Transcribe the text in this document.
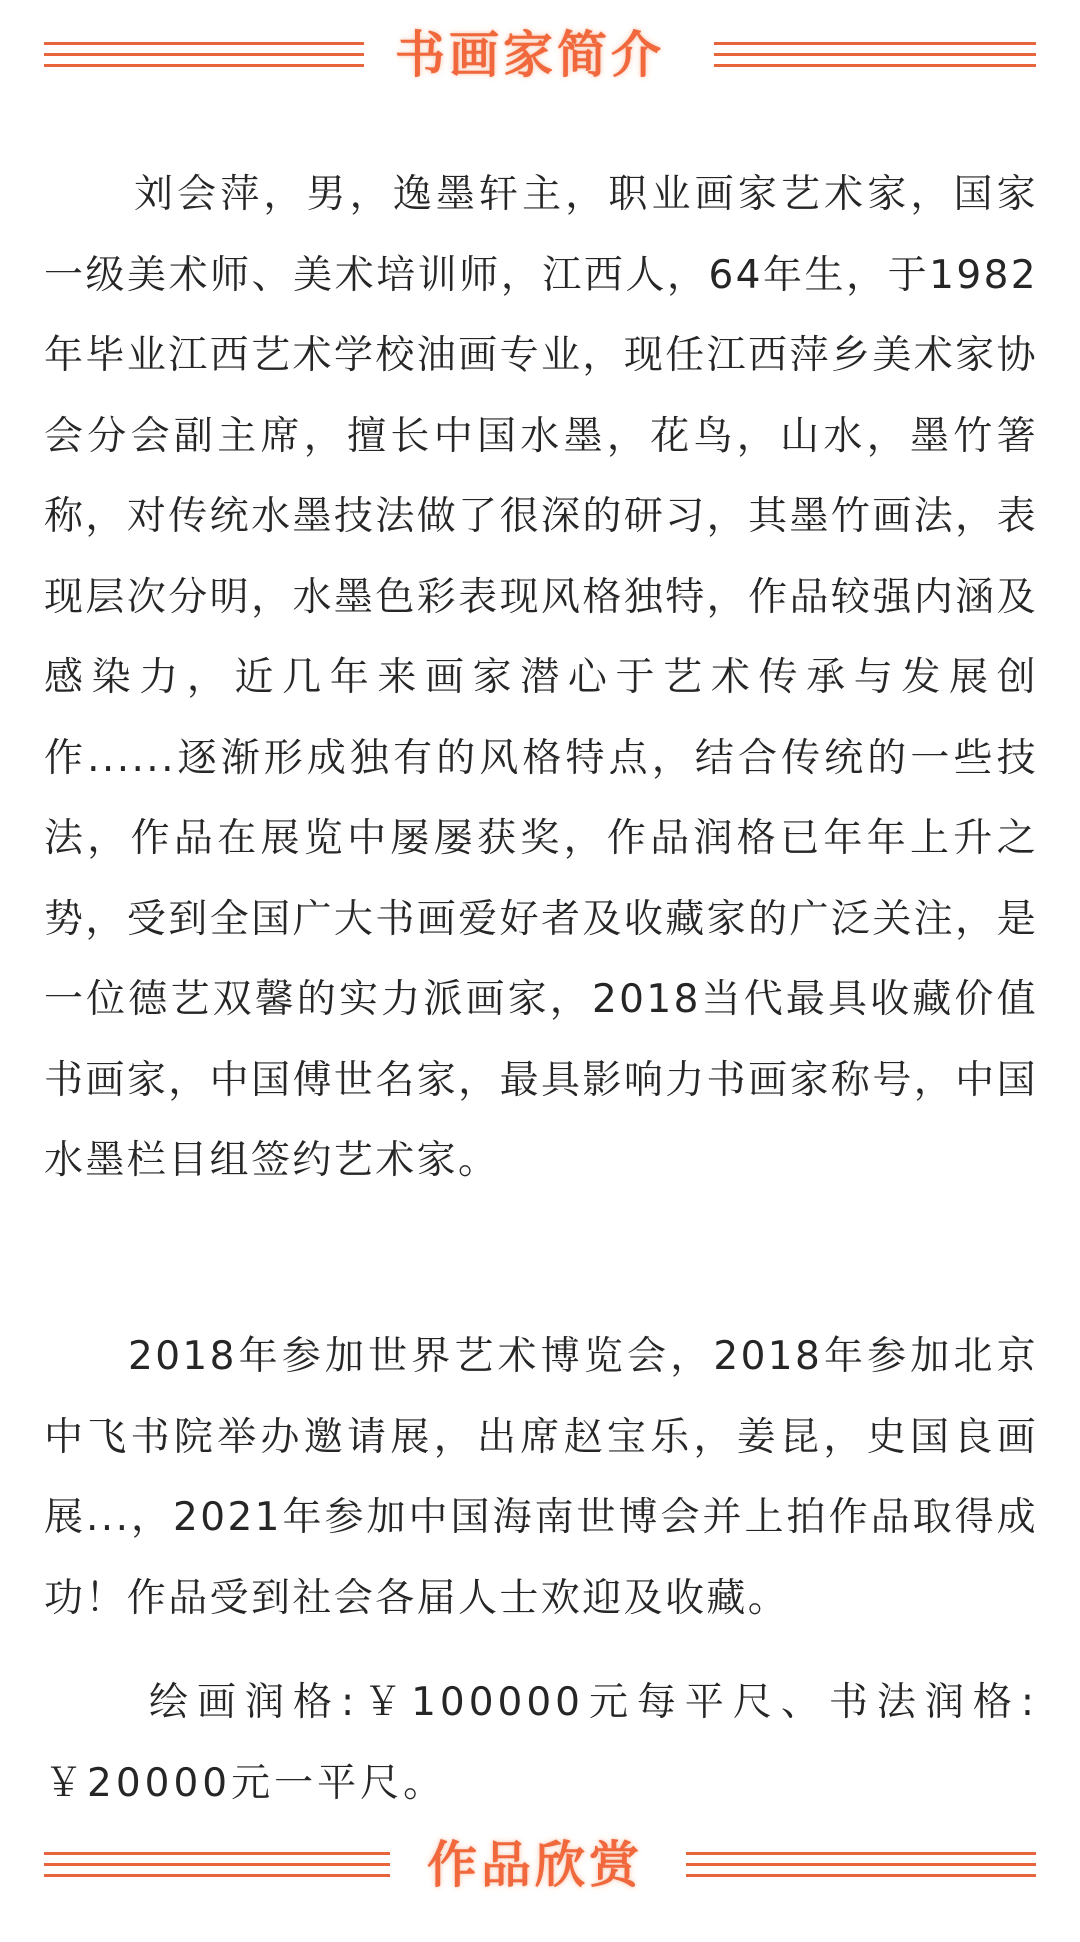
书画家简介
刘会萍，男，逸墨轩主，职业画家艺术家，国家一级美术师、美术培训师，江西人，64年生，于1982年毕业江西艺术学校油画专业，现任江西萍乡美术家协会分会副主席，擅长中国水墨，花鸟，山水，墨竹箸称，对传统水墨技法做了很深的研习，其墨竹画法，表现层次分明，水墨色彩表现风格独特，作品较强内涵及感染力，近几年来画家潜心于艺术传承与发展创作......逐渐形成独有的风格特点，结合传统的一些技法，作品在展览中屡屡获奖，作品润格已年年上升之势，受到全国广大书画爱好者及收藏家的广泛关注，是一位德艺双馨的实力派画家，2018当代最具收藏价值书画家，中国傅世名家，最具影响力书画家称号，中国水墨栏目组签约艺术家。
2018年参加世界艺术博览会，2018年参加北京中飞书院举办邀请展，出席赵宝乐，姜昆，史国良画展...，2021年参加中国海南世博会并上拍作品取得成功！作品受到社会各届人士欢迎及收藏。
绘画润格:￥100000元每平尺、书法润格:￥20000元一平尺。
作品欣赏
